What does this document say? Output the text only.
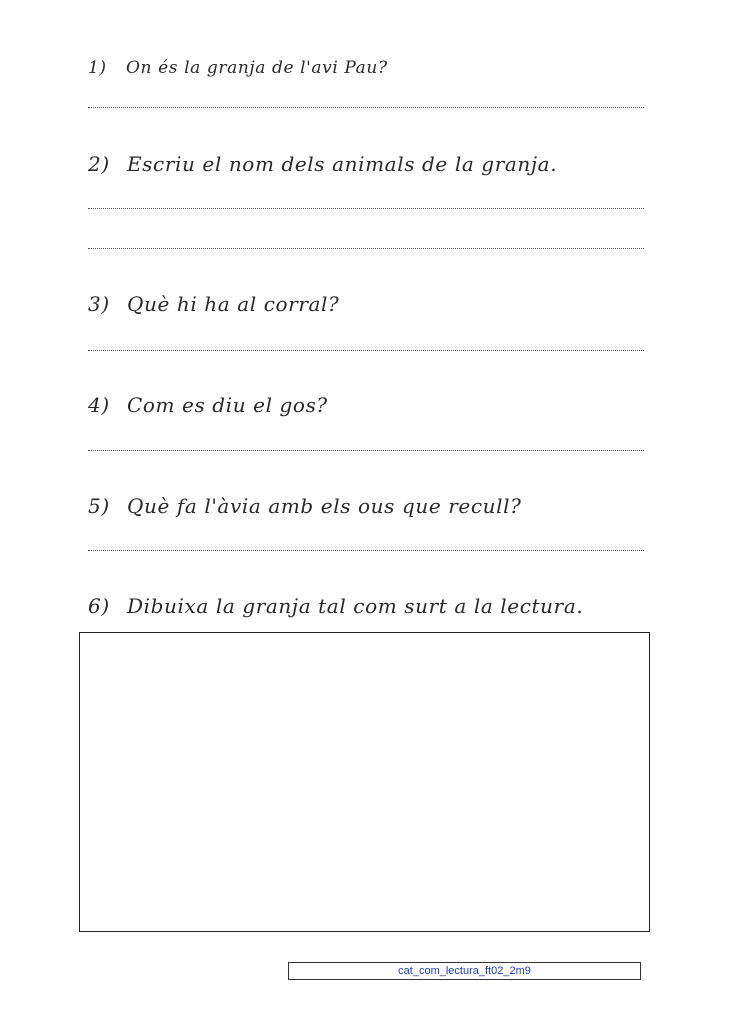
1) On és la granja de l'avi Pau?
2) Escriu el nom dels animals de la granja.
3) Què hi ha al corral?
4) Com es diu el gos?
5) Què fa l'àvia amb els ous que recull?
6) Dibuixa la granja tal com surt a la lectura.
cat_com_lectura_ft02_2m9
